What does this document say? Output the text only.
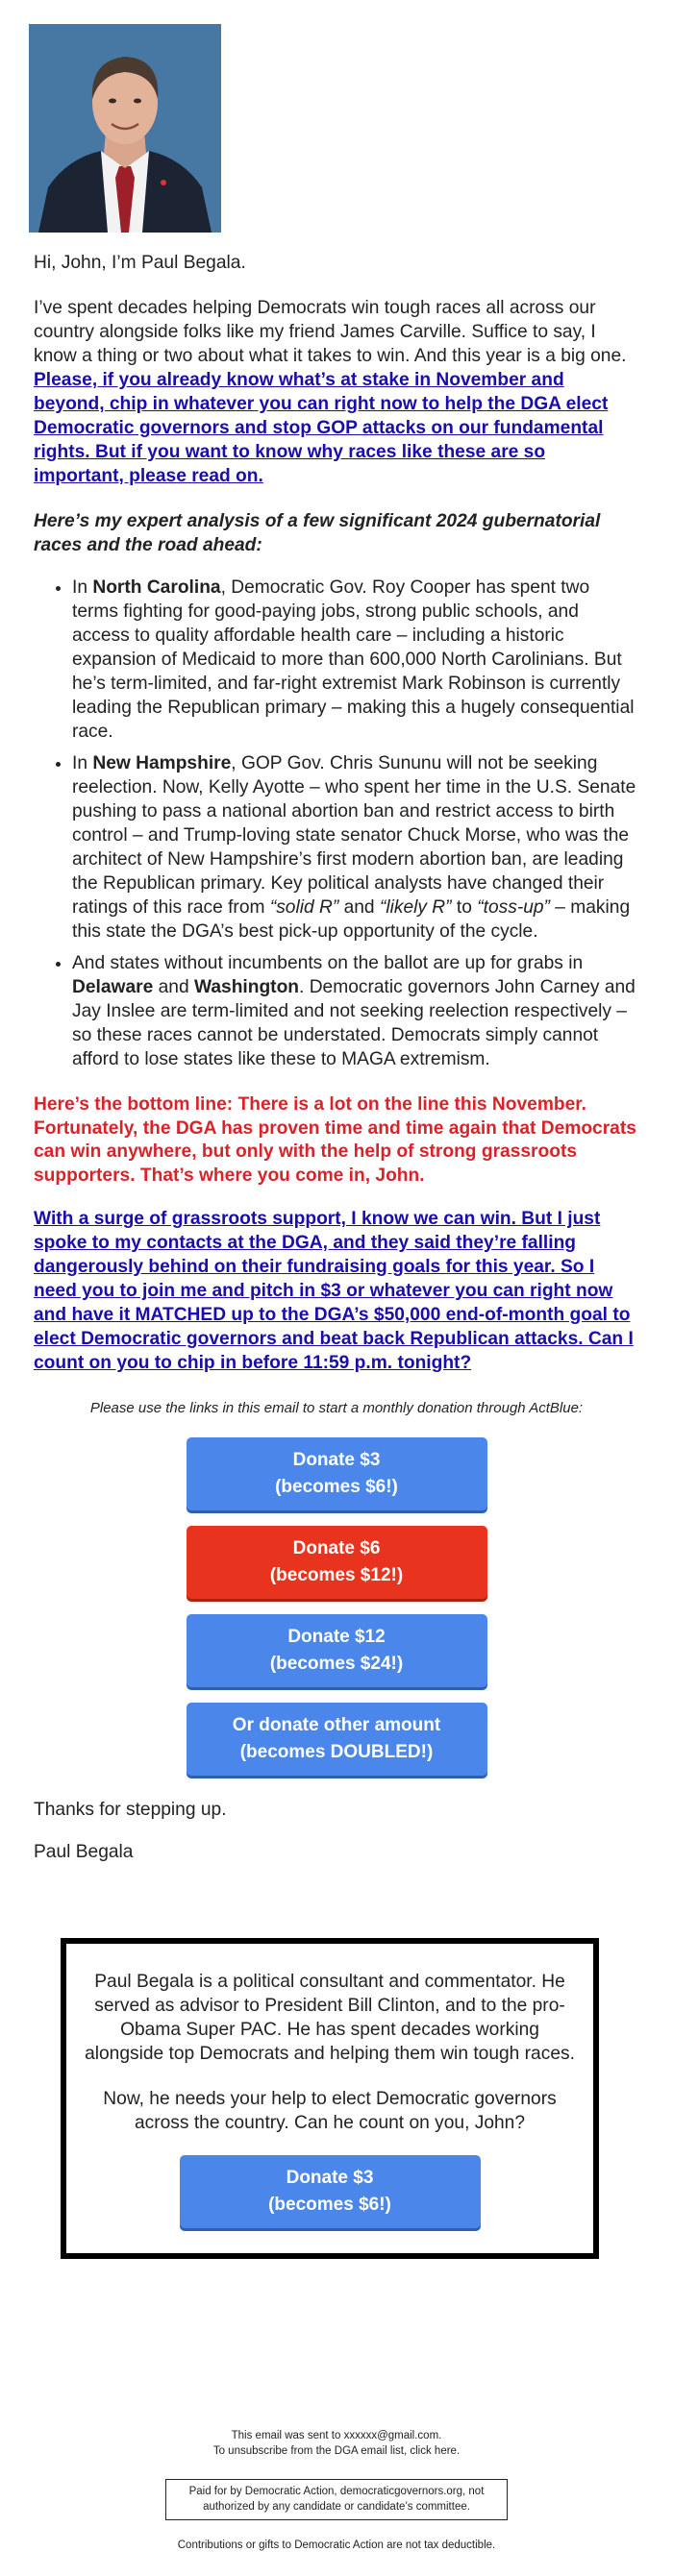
Hi, John, I’m Paul Begala.

I’ve spent decades helping Democrats win tough races all across our country alongside folks like my friend James Carville. Suffice to say, I know a thing or two about what it takes to win. And this year is a big one. Please, if you already know what’s at stake in November and beyond, chip in whatever you can right now to help the DGA elect Democratic governors and stop GOP attacks on our fundamental rights. But if you want to know why races like these are so important, please read on.

Here’s my expert analysis of a few significant 2024 gubernatorial races and the road ahead:

• In North Carolina, Democratic Gov. Roy Cooper has spent two terms fighting for good-paying jobs, strong public schools, and access to quality affordable health care – including a historic expansion of Medicaid to more than 600,000 North Carolinians. But he’s term-limited, and far-right extremist Mark Robinson is currently leading the Republican primary – making this a hugely consequential race.
• In New Hampshire, GOP Gov. Chris Sununu will not be seeking reelection. Now, Kelly Ayotte – who spent her time in the U.S. Senate pushing to pass a national abortion ban and restrict access to birth control – and Trump-loving state senator Chuck Morse, who was the architect of New Hampshire’s first modern abortion ban, are leading the Republican primary. Key political analysts have changed their ratings of this race from “solid R” and “likely R” to “toss-up” – making this state the DGA’s best pick-up opportunity of the cycle.
• And states without incumbents on the ballot are up for grabs in Delaware and Washington. Democratic governors John Carney and Jay Inslee are term-limited and not seeking reelection respectively – so these races cannot be understated. Democrats simply cannot afford to lose states like these to MAGA extremism.

Here’s the bottom line: There is a lot on the line this November. Fortunately, the DGA has proven time and time again that Democrats can win anywhere, but only with the help of strong grassroots supporters. That’s where you come in, John.

With a surge of grassroots support, I know we can win. But I just spoke to my contacts at the DGA, and they said they’re falling dangerously behind on their fundraising goals for this year. So I need you to join me and pitch in $3 or whatever you can right now and have it MATCHED up to the DGA’s $50,000 end-of-month goal to elect Democratic governors and beat back Republican attacks. Can I count on you to chip in before 11:59 p.m. tonight?

Please use the links in this email to start a monthly donation through ActBlue:

Donate $3
(becomes $6!)
Donate $6
(becomes $12!)
Donate $12
(becomes $24!)
Or donate other amount
(becomes DOUBLED!)

Thanks for stepping up.

Paul Begala

Paul Begala is a political consultant and commentator. He served as advisor to President Bill Clinton, and to the pro-Obama Super PAC. He has spent decades working alongside top Democrats and helping them win tough races.

Now, he needs your help to elect Democratic governors across the country. Can he count on you, John?

Donate $3
(becomes $6!)
This email was sent to xxxxxx@gmail.com.
To unsubscribe from the DGA email list, click here.
Paid for by Democratic Action, democraticgovernors.org, not authorized by any candidate or candidate’s committee.
Contributions or gifts to Democratic Action are not tax deductible.
